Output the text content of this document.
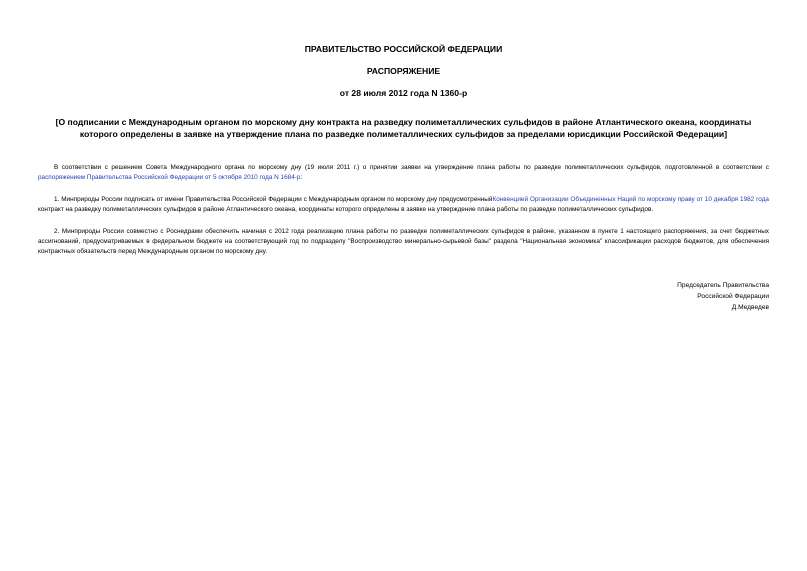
ПРАВИТЕЛЬСТВО РОССИЙСКОЙ ФЕДЕРАЦИИ
РАСПОРЯЖЕНИЕ
от 28 июля 2012 года N 1360-р
[О подписании с Международным органом по морскому дну контракта на разведку полиметаллических сульфидов в районе Атлантического океана, координаты которого определены в заявке на утверждение плана по разведке полиметаллических сульфидов за пределами юрисдикции Российской Федерации]

В соответствии с решением Совета Международного органа по морскому дну (19 июля 2011 г.) о принятии заявки на утверждение плана работы по разведке полиметаллических сульфидов, подготовленной в соответствии с распоряжением Правительства Российской Федерации от 5 октября 2010 года N 1684-р:

1. Минприроды России подписать от имени Правительства Российской Федерации с Международным органом по морскому дну предусмотренныйКонвенцией Организации Объединенных Наций по морскому праву от 10 декабря 1982 года контракт на разведку полиметаллических сульфидов в районе Атлантического океана, координаты которого определены в заявке на утверждение плана работы по разведке полиметаллических сульфидов.

2. Минприроды России совместно с Роснедрами обеспечить начиная с 2012 года реализацию плана работы по разведке полиметаллических сульфидов в районе, указанном в пункте 1 настоящего распоряжения, за счет бюджетных ассигнований, предусматриваемых в федеральном бюджете на соответствующий год по подразделу "Воспроизводство минерально-сырьевой базы" раздела "Национальная экономика" классификации расходов бюджетов, для обеспечения контрактных обязательств перед Международным органом по морскому дну.

Председатель Правительства
Российской Федерации
Д.Медведев
